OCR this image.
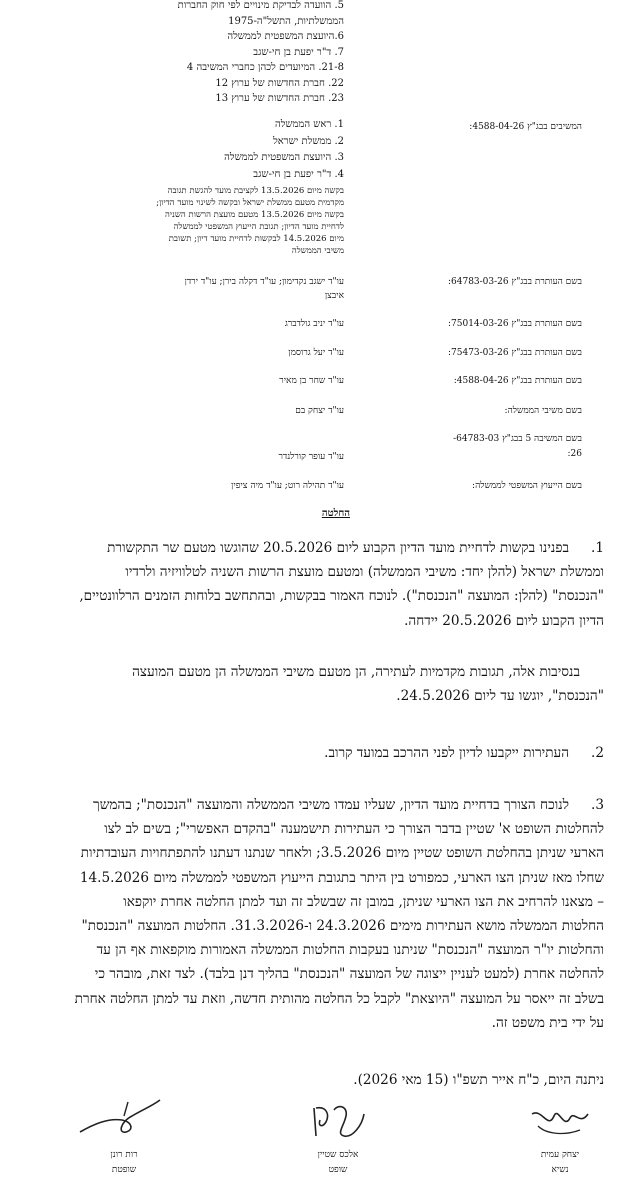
5. הוועדה לבדיקת מינויים לפי חוק החברות
הממשלתיות, התשל"ה-1975
6.היועצת המשפטית לממשלה
7. ד"ר יפעת בן חי-שגב
21-8. המיועדים לכהן כחברי המשיבה 4
22. חברת החדשות של ערוץ 12
23. חברת החדשות של ערוץ 13
המשיבים בבג"ץ 4588-04-26:
1. ראש הממשלה
2. ממשלת ישראל
3. היועצת המשפטית לממשלה
4. ד"ר יפעת בן חי-שגב
בקשה מיום 13.5.2026 לקציבת מועד להגשת תגובה
מקדמית מטעם ממשלת ישראל ובקשה לשינוי מועד הדיון;
בקשה מיום 13.5.2026 מטעם מועצת הרשות השניה
לדחיית מועד הדיון; תגובת הייעוץ המשפטי לממשלה
מיום 14.5.2026 לבקשות לדחיית מועד דיון; תשובת
משיבי הממשלה
בשם העותרת בבג"ץ 64783-03-26:
עו"ד ישגב נקדימון; עו"ד דקלה בירן; עו"ד ירדן
איבצן
בשם העותרת בבג"ץ 75014-03-26:
עו"ד יניב גולדברג
בשם העותרת בבג"ץ 75473-03-26:
עו"ד יעל גרוסמן
בשם העותרת בבג"ץ 4588-04-26:
עו"ד שחר בן מאיר
בשם משיבי הממשלה:
עו"ד יצחק בם
בשם המשיבה 5 בבג"ץ 64783-03-
26:
עו"ד עופר קורלנדר
בשם הייעוץ המשפטי לממשלה:
עו"ד תהילה רוט; עו"ד מיה ציפין
החלטה
1.בפנינו בקשות לדחיית מועד הדיון הקבוע ליום 20.5.2026 שהוגשו מטעם שר התקשורת
וממשלת ישראל (להלן יחד: משיבי הממשלה) ומטעם מועצת הרשות השניה לטלוויזיה ולרדיו
"הנכנסת" (להלן: המועצה "הנכנסת"). לנוכח האמור בבקשות, ובהתחשב בלוחות הזמנים הרלוונטיים,
הדיון הקבוע ליום 20.5.2026 יידחה.
בנסיבות אלה, תגובות מקדמיות לעתירה, הן מטעם משיבי הממשלה הן מטעם המועצה
"הנכנסת", יוגשו עד ליום 24.5.2026.
2.העתירות ייקבעו לדיון לפני ההרכב במועד קרוב.
3.לנוכח הצורך בדחיית מועד הדיון, שעליו עמדו משיבי הממשלה והמועצה "הנכנסת"; בהמשך
להחלטות השופט א' שטיין בדבר הצורך כי העתירות תישמענה "בהקדם האפשרי"; בשים לב לצו
הארעי שניתן בהחלטת השופט שטיין מיום 3.5.2026; ולאחר שנתנו דעתנו להתפתחויות העובדתיות
שחלו מאז שניתן הצו הארעי, כמפורט בין היתר בתגובת הייעוץ המשפטי לממשלה מיום 14.5.2026
– מצאנו להרחיב את הצו הארעי שניתן, במובן זה שבשלב זה ועד למתן החלטה אחרת יוקפאו
החלטות הממשלה מושא העתירות מימים 24.3.2026 ו-31.3.2026. החלטות המועצה "הנכנסת"
והחלטות יו"ר המועצה "הנכנסת" שניתנו בעקבות החלטות הממשלה האמורות מוקפאות אף הן עד
להחלטה אחרת (למעט לעניין ייצוגה של המועצה "הנכנסת" בהליך דנן בלבד). לצד זאת, מובהר כי
בשלב זה ייאסר על המועצה "היוצאת" לקבל כל החלטה מהותית חדשה, וזאת עד למתן החלטה אחרת
על ידי בית משפט זה.
ניתנה היום, כ"ח אייר תשפ"ו (15 מאי 2026).
יצחק עמית
נשיא
אלכס שטיין
שופט
רות רונן
שופטת
